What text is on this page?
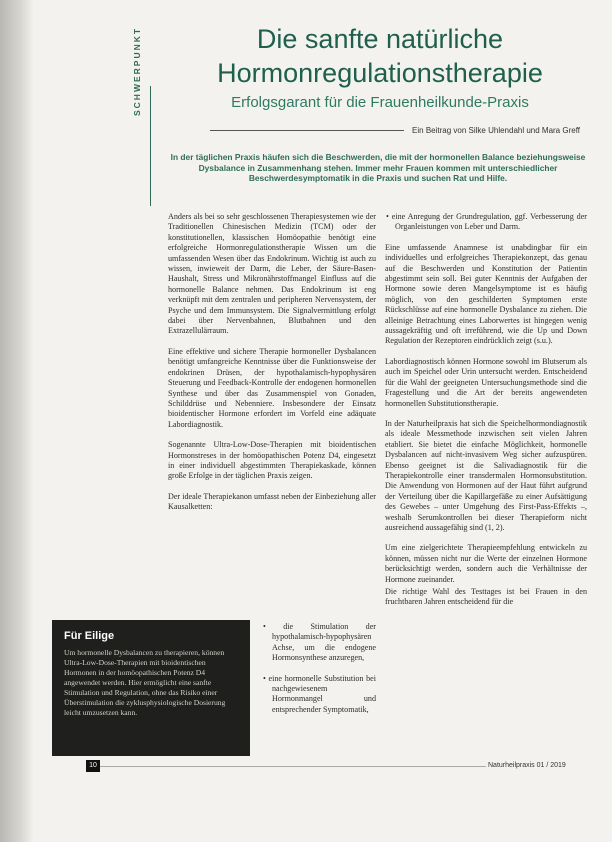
SCHWERPUNKT	Die sanfte natürliche
Hormonregulationstherapie
Erfolgsgarant für die Frauenheilkunde-Praxis
Ein Beitrag von Silke Uhlendahl und Mara Greff
In der täglichen Praxis häufen sich die Beschwerden, die mit der hormonellen Balance beziehungsweise Dysbalance in Zusammenhang stehen. Immer mehr Frauen kommen mit unterschiedlicher Beschwerdesymptomatik in die Praxis und suchen Rat und Hilfe.

Anders als bei so sehr geschlossenen Therapiesystemen wie der Traditionellen Chinesischen Medizin (TCM) oder der konstitutionellen, klassischen Homöopathie benötigt eine erfolgreiche Hormonregulationstherapie Wissen um die umfassenden Wesen über das Endokrinum. Wichtig ist auch zu wissen, inwieweit der Darm, die Leber, der Säure-Basen-Haushalt, Stress und Mikronährstoffmangel Einfluss auf die hormonelle Balance nehmen. Das Endokrinum ist eng verknüpft mit dem zentralen und peripheren Nervensystem, der Psyche und dem Immunsystem. Die Signalvermittlung erfolgt dabei über Nervenbahnen, Blutbahnen und den Extrazellulärraum.

Eine effektive und sichere Therapie hormoneller Dysbalancen benötigt umfangreiche Kenntnisse über die Funktionsweise der endokrinen Drüsen, der hypothalamisch-hypophysären Steuerung und Feedback-Kontrolle der endogenen hormonellen Synthese und über das Zusammenspiel von Gonaden, Schilddrüse und Nebenniere. Insbesondere der Einsatz bioidentischer Hormone erfordert im Vorfeld eine adäquate Labordiagnostik.

Sogenannte Ultra-Low-Dose-Therapien mit bioidentischen Hormonstreses in der homöopathischen Potenz D4, eingesetzt in einer individuell abgestimmten Therapiekaskade, können große Erfolge in der täglichen Praxis zeigen.

Der ideale Therapiekanon umfasst neben der Einbeziehung aller Kausalketten:

• die Stimulation der hypothalamisch-hypophysären Achse, um die endogene Hormonsynthese anzuregen,

• eine hormonelle Substitution bei nachgewiesenem Hormonmangel und entsprechender Symptomatik,

• eine Anregung der Grundregulation, ggf. Verbesserung der Organleistungen von Leber und Darm.

Eine umfassende Anamnese ist unabdingbar für ein individuelles und erfolgreiches Therapiekonzept, das genau auf die Beschwerden und Konstitution der Patientin abgestimmt sein soll. Bei guter Kenntnis der Aufgaben der Hormone sowie deren Mangelsymptome ist es häufig möglich, von den geschilderten Symptomen erste Rückschlüsse auf eine hormonelle Dysbalance zu ziehen. Die alleinige Betrachtung eines Laborwertes ist hingegen wenig aussagekräftig und oft irreführend, wie die Up und Down Regulation der Rezeptoren eindrücklich zeigt (s.u.).

Labordiagnostisch können Hormone sowohl im Blutserum als auch im Speichel oder Urin untersucht werden. Entscheidend für die Wahl der geeigneten Untersuchungsmethode sind die Fragestellung und die Art der bereits angewendeten hormonellen Substitutionstherapie.

In der Naturheilpraxis hat sich die Speichelhormondiagnostik als ideale Messmethode inzwischen seit vielen Jahren etabliert. Sie bietet die einfache Möglichkeit, hormonelle Dysbalancen auf nicht-invasivem Weg sicher aufzuspüren. Ebenso geeignet ist die Salivadiagnostik für die Therapiekontrolle einer transdermalen Hormonsubstitution. Die Anwendung von Hormonen auf der Haut führt aufgrund der Verteilung über die Kapillargefäße zu einer Aufsättigung des Gewebes – unter Umgehung des First-Pass-Effekts –, weshalb Serumkontrollen bei dieser Therapieform nicht ausreichend aussagefähig sind (1, 2).

Um eine zielgerichtete Therapieempfehlung entwickeln zu können, müssen nicht nur die Werte der einzelnen Hormone berücksichtigt werden, sondern auch die Verhältnisse der Hormone zueinander.

Die richtige Wahl des Testtages ist bei Frauen in den fruchtbaren Jahren entscheidend für die

Für Eilige

Um hormonelle Dysbalancen zu therapieren, können Ultra-Low-Dose-Therapien mit bioidentischen Hormonen in der homöopathischen Potenz D4 angewendet werden. Hier ermöglicht eine sanfte Stimulation und Regulation, ohne das Risiko einer Überstimulation die zyklusphysiologische Dosierung leicht umzusetzen kann.

10	Naturheilpraxis 01 / 2019
